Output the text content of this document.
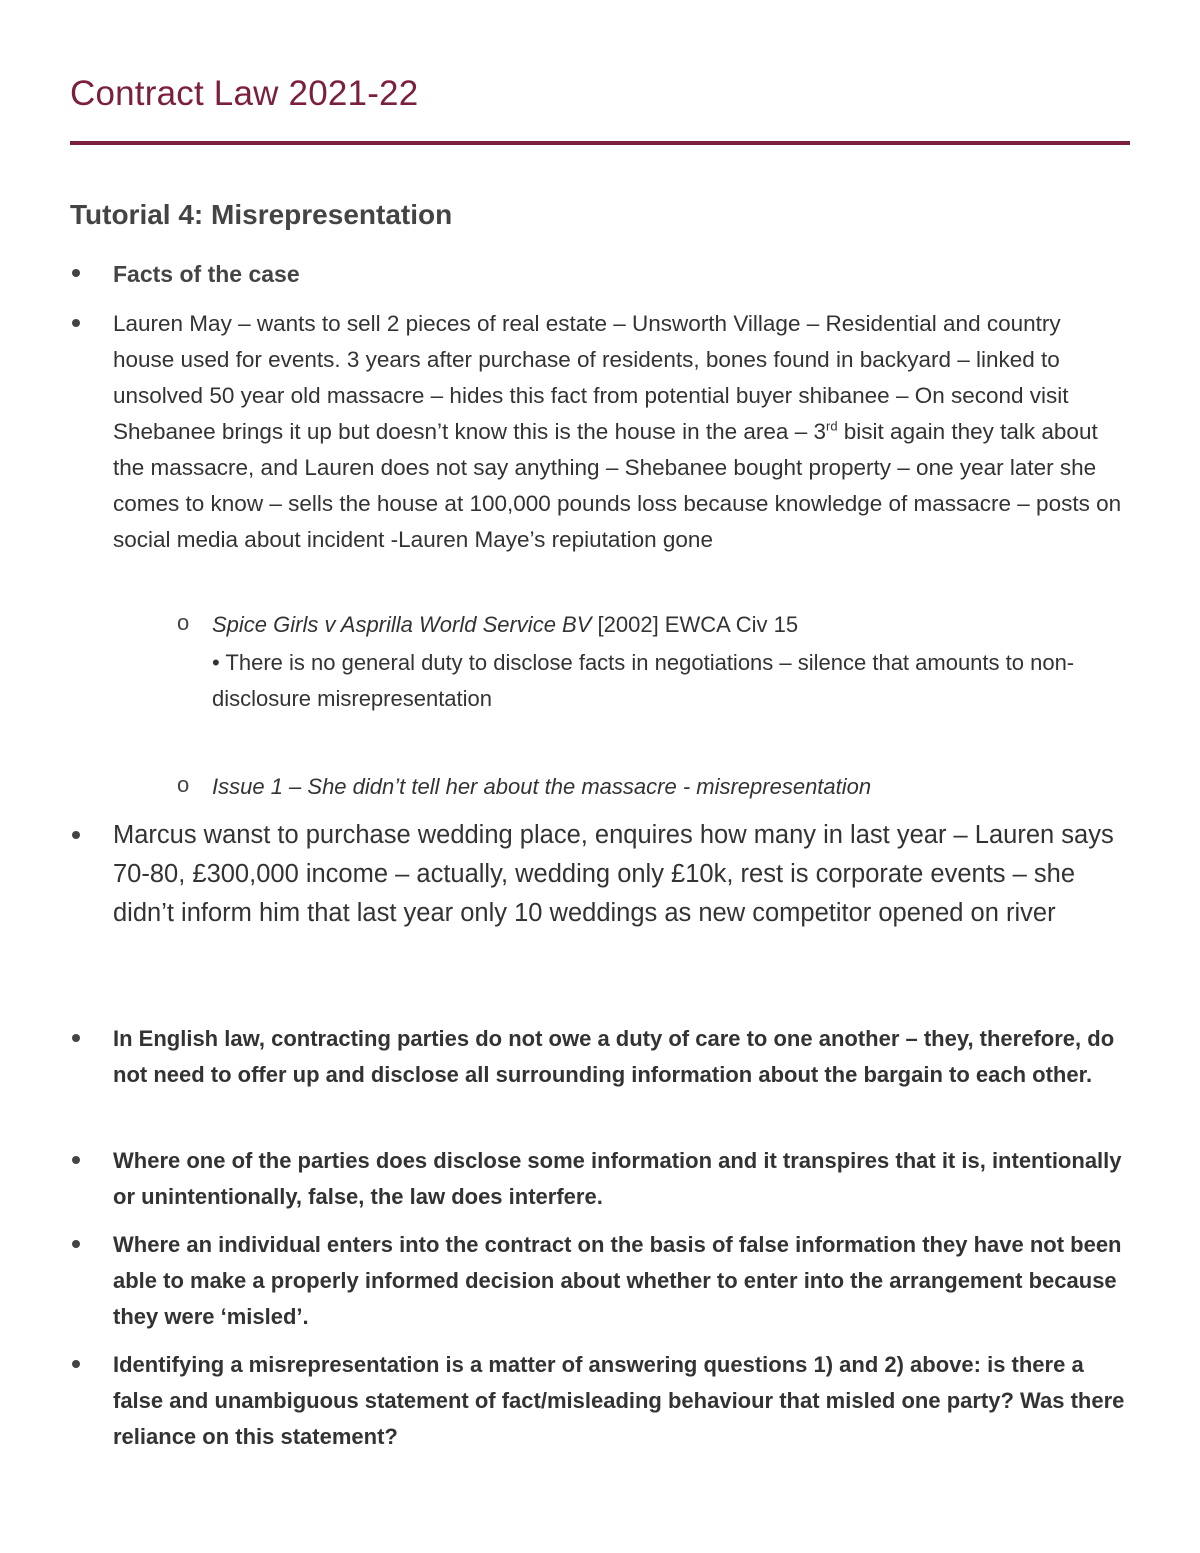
Contract Law 2021-22
Tutorial 4: Misrepresentation
Facts of the case
Lauren May – wants to sell 2 pieces of real estate – Unsworth Village – Residential and country house used for events. 3 years after purchase of residents, bones found in backyard – linked to unsolved 50 year old massacre – hides this fact from potential buyer shibanee – On second visit Shebanee brings it up but doesn’t know this is the house in the area – 3rd bisit again they talk about the massacre, and Lauren does not say anything – Shebanee bought property – one year later she comes to know – sells the house at 100,000 pounds loss because knowledge of massacre – posts on social media about incident -Lauren Maye’s repiutation gone
o Spice Girls v Asprilla World Service BV [2002] EWCA Civ 15
• There is no general duty to disclose facts in negotiations – silence that amounts to non-disclosure misrepresentation
o Issue 1 – She didn’t tell her about the massacre - misrepresentation
Marcus wanst to purchase wedding place, enquires how many in last year – Lauren says 70-80, £300,000 income – actually, wedding only £10k, rest is corporate events – she didn’t inform him that last year only 10 weddings as new competitor opened on river
In English law, contracting parties do not owe a duty of care to one another – they, therefore, do not need to offer up and disclose all surrounding information about the bargain to each other.
Where one of the parties does disclose some information and it transpires that it is, intentionally or unintentionally, false, the law does interfere.
Where an individual enters into the contract on the basis of false information they have not been able to make a properly informed decision about whether to enter into the arrangement because they were ‘misled’.
Identifying a misrepresentation is a matter of answering questions 1) and 2) above: is there a false and unambiguous statement of fact/misleading behaviour that misled one party? Was there reliance on this statement?
